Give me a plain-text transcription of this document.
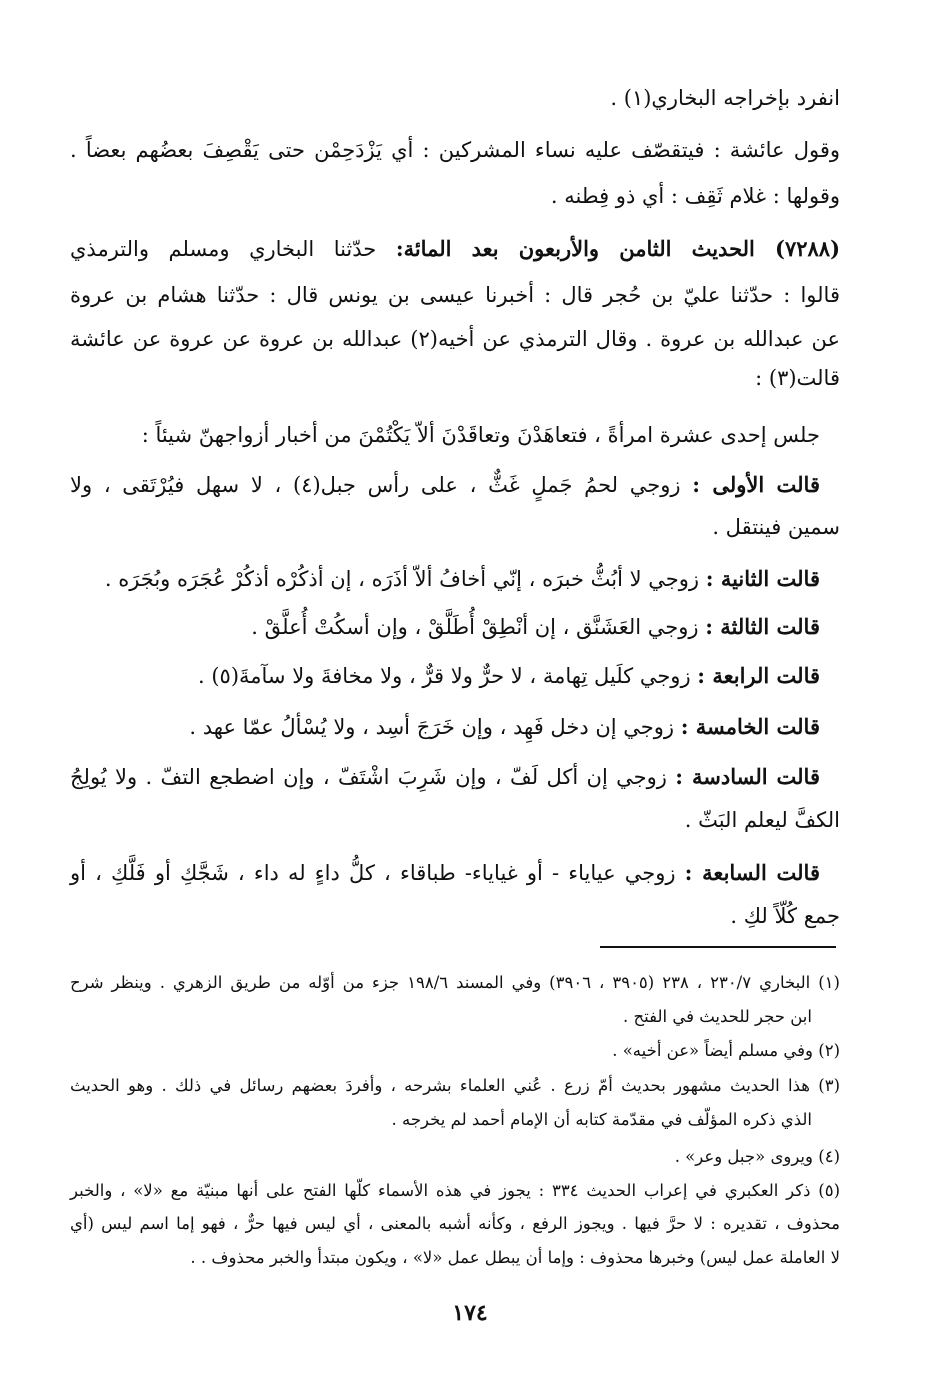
انفرد بإخراجه البخاري(١) .
وقول عائشة : فيتقصّف عليه نساء المشركين : أي يَزْدَحِمْن حتى يَقْصِفَ بعضُهم بعضاً .
وقولها : غلام ثَقِف : أي ذو فِطنه .
(٧٢٨٨) الحديث الثامن والأربعون بعد المائة: حدّثنا البخاري ومسلم والترمذي
قالوا : حدّثنا عليّ بن حُجر قال : أخبرنا عيسى بن يونس قال : حدّثنا هشام بن عروة
عن عبدالله بن عروة . وقال الترمذي عن أخيه(٢) عبدالله بن عروة عن عروة عن عائشة
قالت(٣) :
جلس إحدى عشرة امرأةً ، فتعاهَدْنَ وتعاقَدْنَ ألاّ يَكْتُمْنَ من أخبار أزواجهنّ شيئاً :
قالت الأولى : زوجي لحمُ جَملٍ غَثٌّ ، على رأس جبل(٤) ، لا سهل فيُرْتَقى ، ولا
سمين فينتقل .
قالت الثانية : زوجي لا أبُثُّ خبرَه ، إنّي أخافُ ألاّ أذَرَه ، إن أذكُرْه أذكُرْ عُجَرَه وبُجَرَه .
قالت الثالثة : زوجي العَشَنَّق ، إن أنْطِقْ أُطَلَّقْ ، وإن أسكُتْ أُعلَّقْ .
قالت الرابعة : زوجي كلَيل تِهامة ، لا حرٌّ ولا قرٌّ ، ولا مخافةَ ولا سآمةَ(٥) .
قالت الخامسة : زوجي إن دخل فَهِد ، وإن خَرَجَ أسِد ، ولا يُسْألُ عمّا عهد .
قالت السادسة : زوجي إن أكل لَفّ ، وإن شَرِبَ اشْتَفّ ، وإن اضطجع التفّ . ولا يُولِجُ
الكفَّ ليعلم البَثّ .
قالت السابعة : زوجي عياياء - أو غياياء- طباقاء ، كلُّ داءٍ له داء ، شَجَّكِ أو فَلَّكِ ، أو
جمع كُلّاً لكِ .
(١) البخاري ٢٣٠/٧ ، ٢٣٨ (٣٩٠٥ ، ٣٩٠٦) وفي المسند ١٩٨/٦ جزء من أوّله من طريق الزهري . وينظر شرح
ابن حجر للحديث في الفتح .
(٢) وفي مسلم أيضاً «عن أخيه» .
(٣) هذا الحديث مشهور بحديث أمّ زرع . عُني العلماء بشرحه ، وأفردَ بعضهم رسائل في ذلك . وهو الحديث
الذي ذكره المؤلّف في مقدّمة كتابه أن الإمام أحمد لم يخرجه .
(٤) ويروى «جبل وعر» .
(٥) ذكر العكبري في إعراب الحديث ٣٣٤ : يجوز في هذه الأسماء كلّها الفتح على أنها مبنيّة مع «لا» ، والخبر
محذوف ، تقديره : لا حرَّ فيها . ويجوز الرفع ، وكأنه أشبه بالمعنى ، أي ليس فيها حرٌّ ، فهو إما اسم ليس (أي
لا العاملة عمل ليس) وخبرها محذوف : وإما أن يبطل عمل «لا» ، ويكون مبتدأ والخبر محذوف . .
١٧٤
